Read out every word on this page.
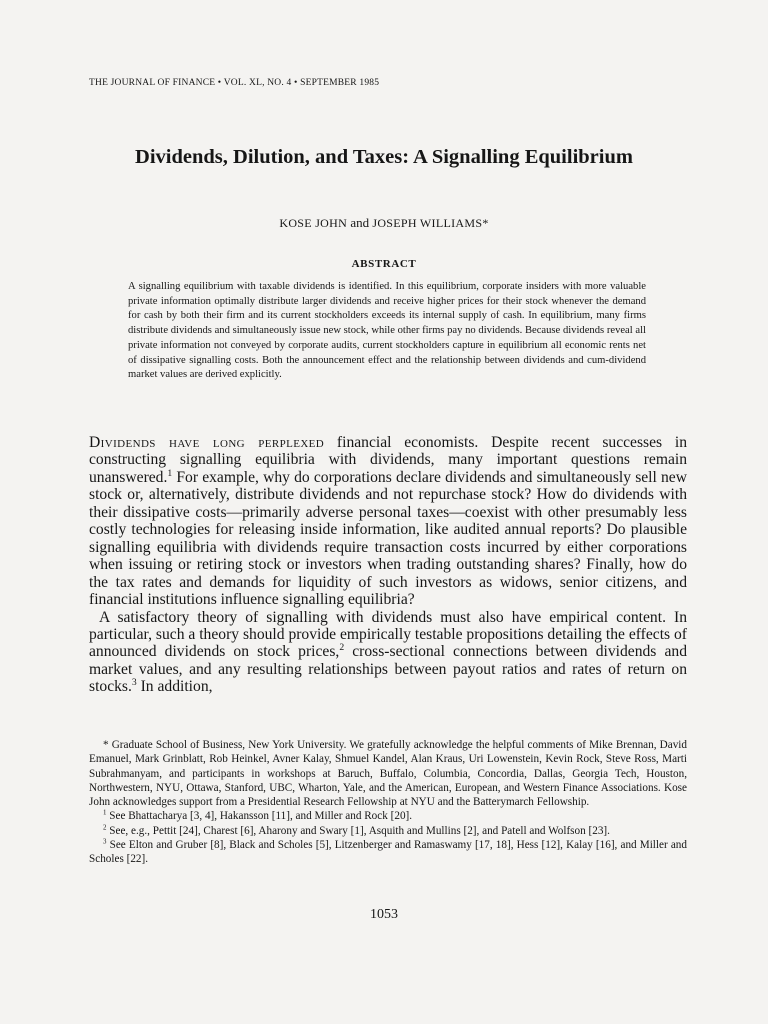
THE JOURNAL OF FINANCE • VOL. XL, NO. 4 • SEPTEMBER 1985
Dividends, Dilution, and Taxes: A Signalling Equilibrium
KOSE JOHN and JOSEPH WILLIAMS*
ABSTRACT

A signalling equilibrium with taxable dividends is identified. In this equilibrium, corporate insiders with more valuable private information optimally distribute larger dividends and receive higher prices for their stock whenever the demand for cash by both their firm and its current stockholders exceeds its internal supply of cash. In equilibrium, many firms distribute dividends and simultaneously issue new stock, while other firms pay no dividends. Because dividends reveal all private information not conveyed by corporate audits, current stockholders capture in equilibrium all economic rents net of dissipative signalling costs. Both the announcement effect and the relationship between dividends and cum-dividend market values are derived explicitly.

Dividends have long perplexed financial economists. Despite recent successes in constructing signalling equilibria with dividends, many important questions remain unanswered.$^1$ For example, why do corporations declare dividends and simultaneously sell new stock or, alternatively, distribute dividends and not repurchase stock? How do dividends with their dissipative costs—primarily adverse personal taxes—coexist with other presumably less costly technologies for releasing inside information, like audited annual reports? Do plausible signalling equilibria with dividends require transaction costs incurred by either corporations when issuing or retiring stock or investors when trading outstanding shares? Finally, how do the tax rates and demands for liquidity of such investors as widows, senior citizens, and financial institutions influence signalling equilibria?

A satisfactory theory of signalling with dividends must also have empirical content. In particular, such a theory should provide empirically testable propositions detailing the effects of announced dividends on stock prices,$^2$ cross-sectional connections between dividends and market values, and any resulting relationships between payout ratios and rates of return on stocks.$^3$ In addition,

* Graduate School of Business, New York University. We gratefully acknowledge the helpful comments of Mike Brennan, David Emanuel, Mark Grinblatt, Rob Heinkel, Avner Kalay, Shmuel Kandel, Alan Kraus, Uri Lowenstein, Kevin Rock, Steve Ross, Marti Subrahmanyam, and participants in workshops at Baruch, Buffalo, Columbia, Concordia, Dallas, Georgia Tech, Houston, Northwestern, NYU, Ottawa, Stanford, UBC, Wharton, Yale, and the American, European, and Western Finance Associations. Kose John acknowledges support from a Presidential Research Fellowship at NYU and the Batterymarch Fellowship.

$^1$ See Bhattacharya [3, 4], Hakansson [11], and Miller and Rock [20].

$^2$ See, e.g., Pettit [24], Charest [6], Aharony and Swary [1], Asquith and Mullins [2], and Patell and Wolfson [23].

$^3$ See Elton and Gruber [8], Black and Scholes [5], Litzenberger and Ramaswamy [17, 18], Hess [12], Kalay [16], and Miller and Scholes [22].

1053
